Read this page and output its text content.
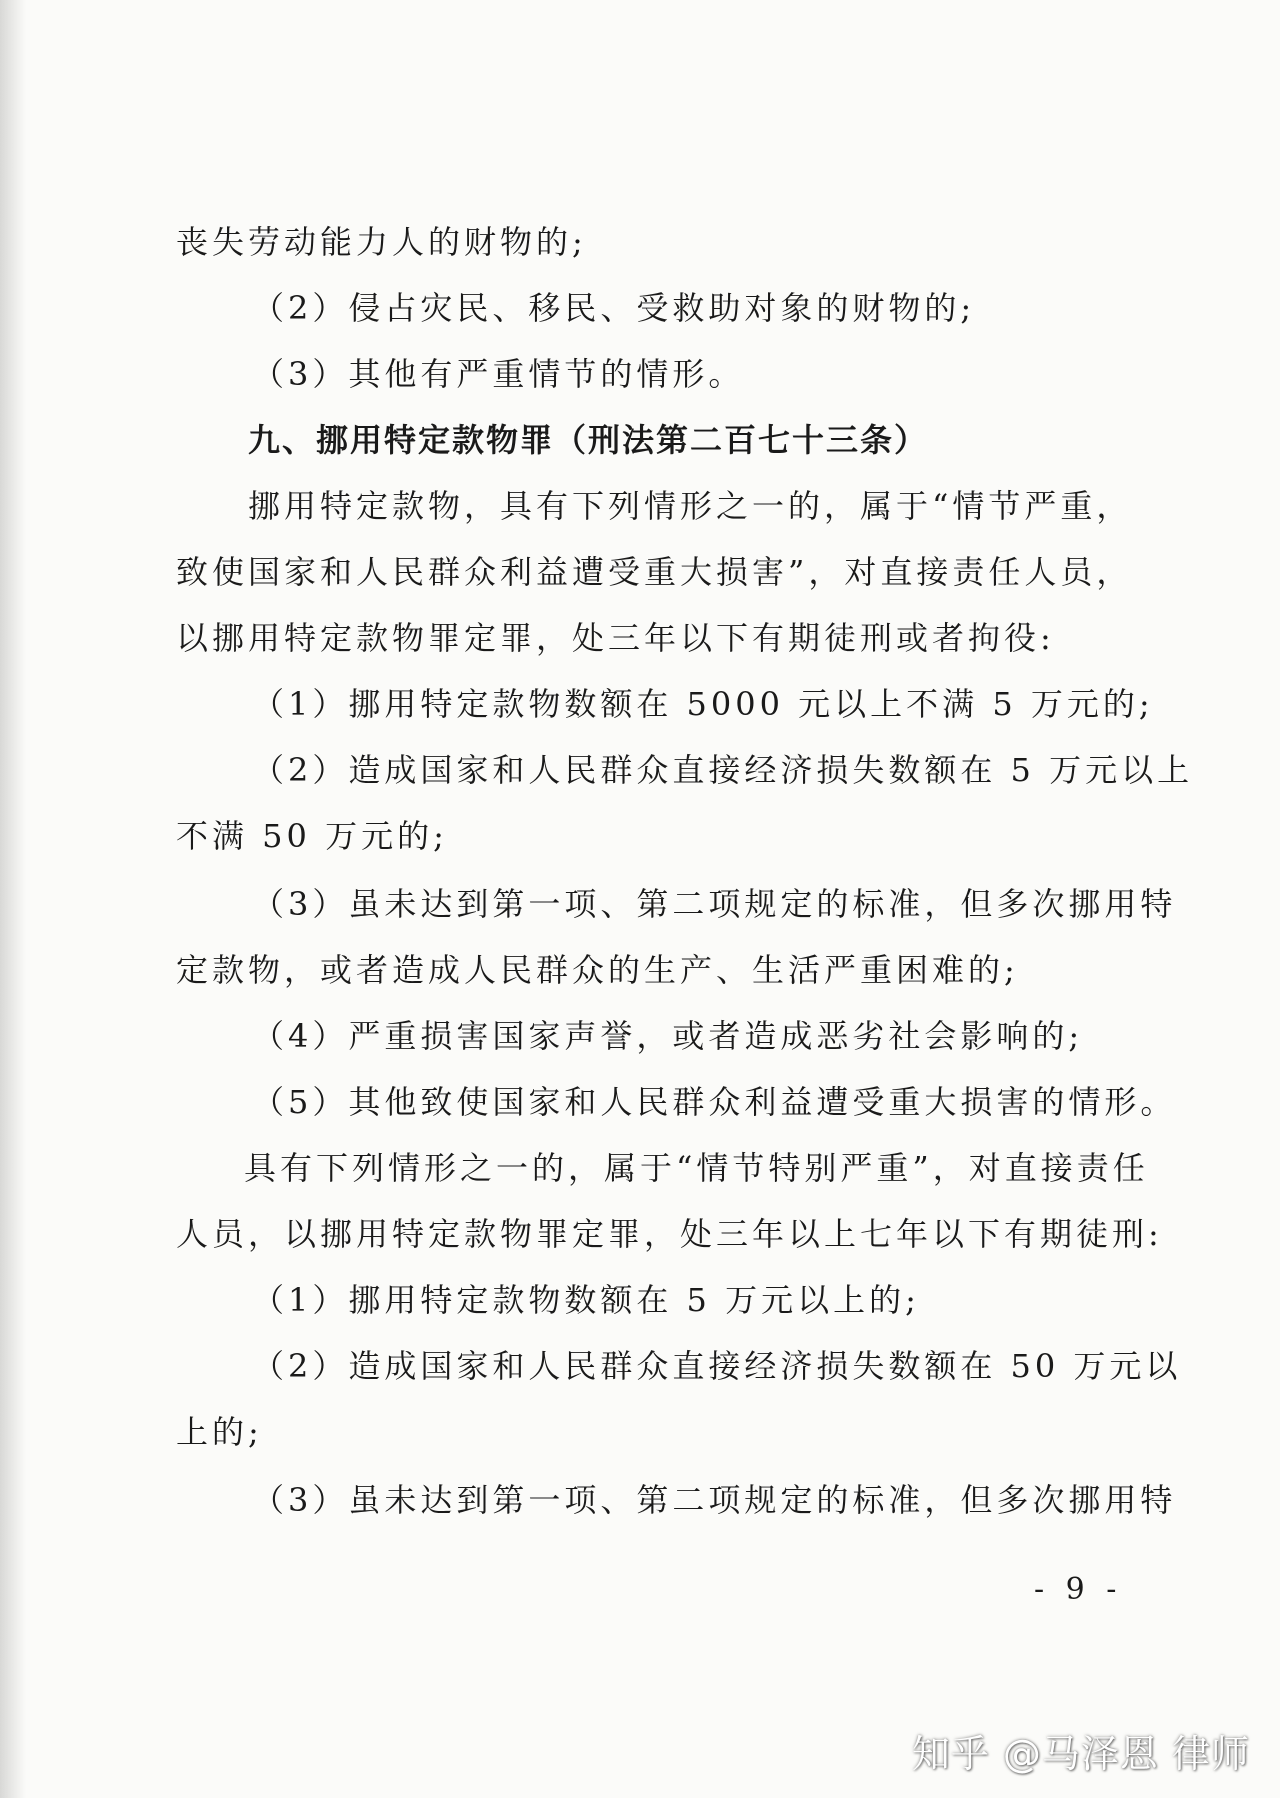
丧失劳动能力人的财物的;
（2）侵占灾民、移民、受救助对象的财物的;
（3）其他有严重情节的情形。
九、挪用特定款物罪（刑法第二百七十三条）
挪用特定款物，具有下列情形之一的，属于“情节严重，
致使国家和人民群众利益遭受重大损害”，对直接责任人员，
以挪用特定款物罪定罪，处三年以下有期徒刑或者拘役:
（1）挪用特定款物数额在 5000 元以上不满 5 万元的;
（2）造成国家和人民群众直接经济损失数额在 5 万元以上
不满 50 万元的;
（3）虽未达到第一项、第二项规定的标准，但多次挪用特
定款物，或者造成人民群众的生产、生活严重困难的;
（4）严重损害国家声誉，或者造成恶劣社会影响的;
（5）其他致使国家和人民群众利益遭受重大损害的情形。
具有下列情形之一的，属于“情节特别严重”，对直接责任
人员，以挪用特定款物罪定罪，处三年以上七年以下有期徒刑:
（1）挪用特定款物数额在 5 万元以上的;
（2）造成国家和人民群众直接经济损失数额在 50 万元以
上的;
（3）虽未达到第一项、第二项规定的标准，但多次挪用特
- 9 -
知乎 @马泽恩 律师
